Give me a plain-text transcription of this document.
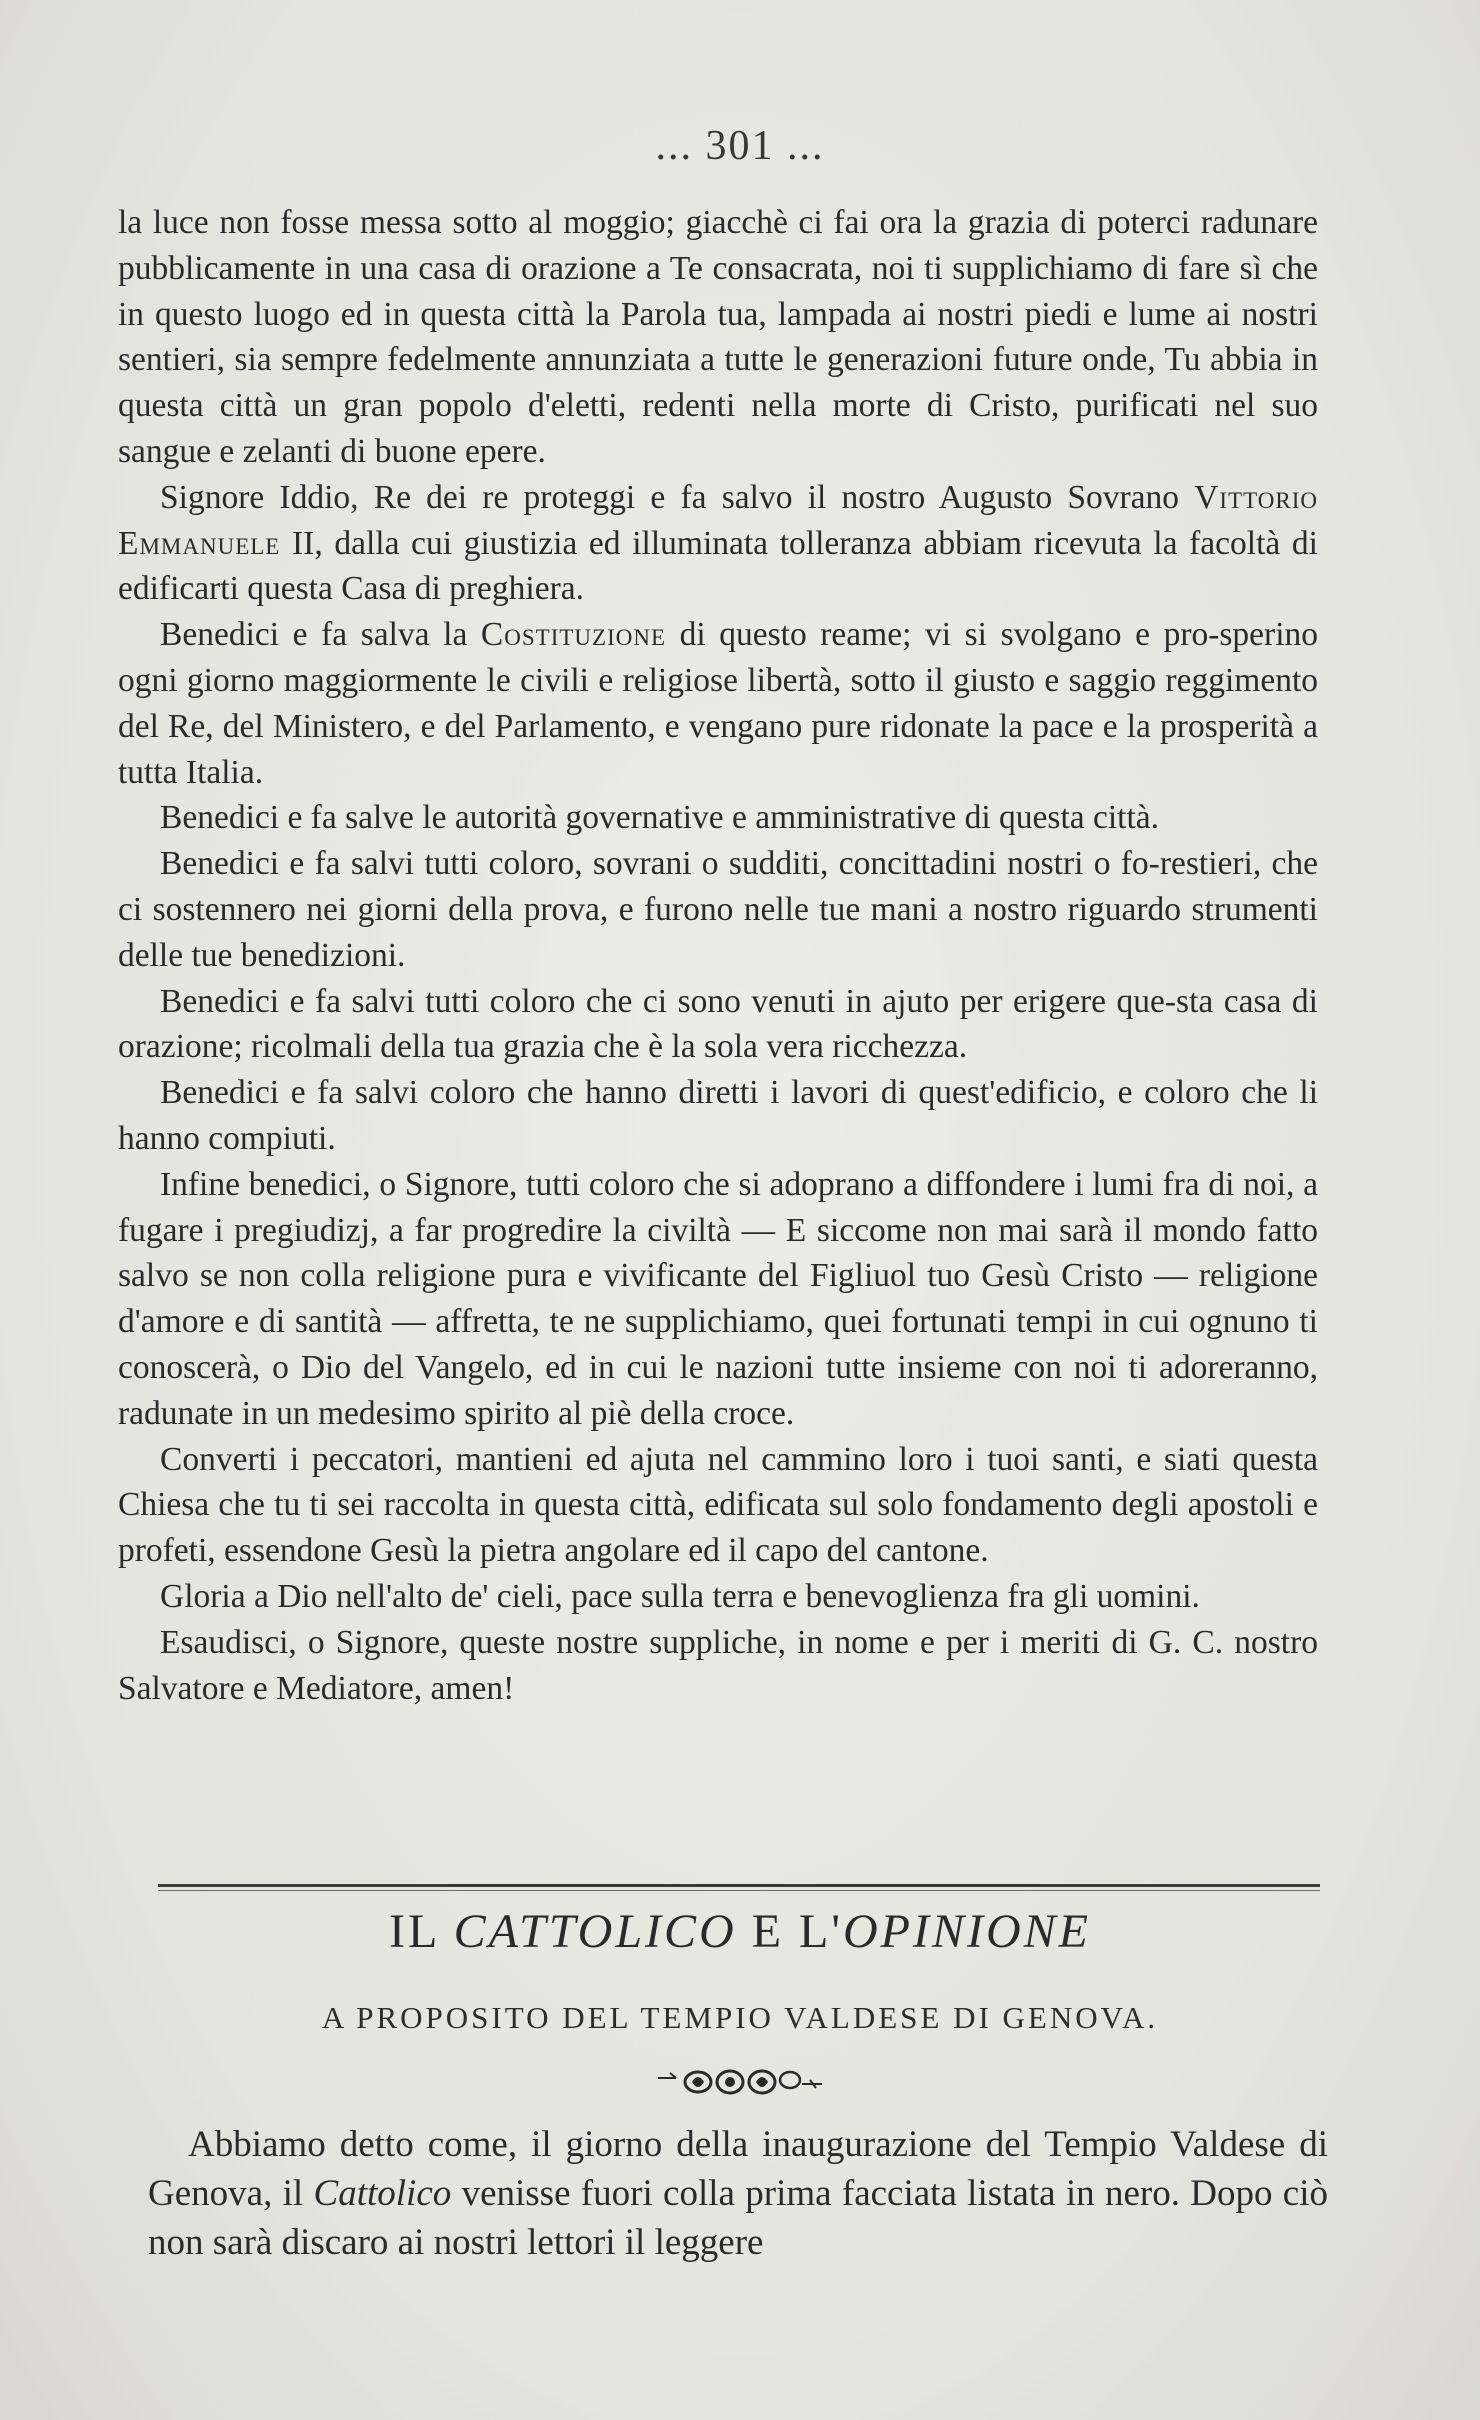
... 301 ...

la luce non fosse messa sotto al moggio; giacchè ci fai ora la grazia di poterci radunare pubblicamente in una casa di orazione a Te consacrata, noi ti supplichiamo di fare sì che in questo luogo ed in questa città la Parola tua, lampada ai nostri piedi e lume ai nostri sentieri, sia sempre fedelmente annunziata a tutte le generazioni future onde, Tu abbia in questa città un gran popolo d'eletti, redenti nella morte di Cristo, purificati nel suo sangue e zelanti di buone epere.

Signore Iddio, Re dei re proteggi e fa salvo il nostro Augusto Sovrano Vittorio Emmanuele II, dalla cui giustizia ed illuminata tolleranza abbiam ricevuta la facoltà di edificarti questa Casa di preghiera.

Benedici e fa salva la Costituzione di questo reame; vi si svolgano e pro-sperino ogni giorno maggiormente le civili e religiose libertà, sotto il giusto e saggio reggimento del Re, del Ministero, e del Parlamento, e vengano pure ridonate la pace e la prosperità a tutta Italia.

Benedici e fa salve le autorità governative e amministrative di questa città.

Benedici e fa salvi tutti coloro, sovrani o sudditi, concittadini nostri o fo-restieri, che ci sostennero nei giorni della prova, e furono nelle tue mani a nostro riguardo strumenti delle tue benedizioni.

Benedici e fa salvi tutti coloro che ci sono venuti in ajuto per erigere que-sta casa di orazione; ricolmali della tua grazia che è la sola vera ricchezza.

Benedici e fa salvi coloro che hanno diretti i lavori di quest'edificio, e coloro che li hanno compiuti.

Infine benedici, o Signore, tutti coloro che si adoprano a diffondere i lumi fra di noi, a fugare i pregiudizj, a far progredire la civiltà — E siccome non mai sarà il mondo fatto salvo se non colla religione pura e vivificante del Figliuol tuo Gesù Cristo — religione d'amore e di santità — affretta, te ne supplichiamo, quei fortunati tempi in cui ognuno ti conoscerà, o Dio del Vangelo, ed in cui le nazioni tutte insieme con noi ti adoreranno, radunate in un medesimo spirito al piè della croce.

Converti i peccatori, mantieni ed ajuta nel cammino loro i tuoi santi, e siati questa Chiesa che tu ti sei raccolta in questa città, edificata sul solo fondamento degli apostoli e profeti, essendone Gesù la pietra angolare ed il capo del cantone.

Gloria a Dio nell'alto de' cieli, pace sulla terra e benevoglienza fra gli uomini.

Esaudisci, o Signore, queste nostre suppliche, in nome e per i meriti di G. C. nostro Salvatore e Mediatore, amen!

IL CATTOLICO E L'OPINIONE
A PROPOSITO DEL TEMPIO VALDESE DI GENOVA.

Abbiamo detto come, il giorno della inaugurazione del Tempio Valdese di Genova, il Cattolico venisse fuori colla prima facciata listata in nero. Dopo ciò non sarà discaro ai nostri lettori il leggere
